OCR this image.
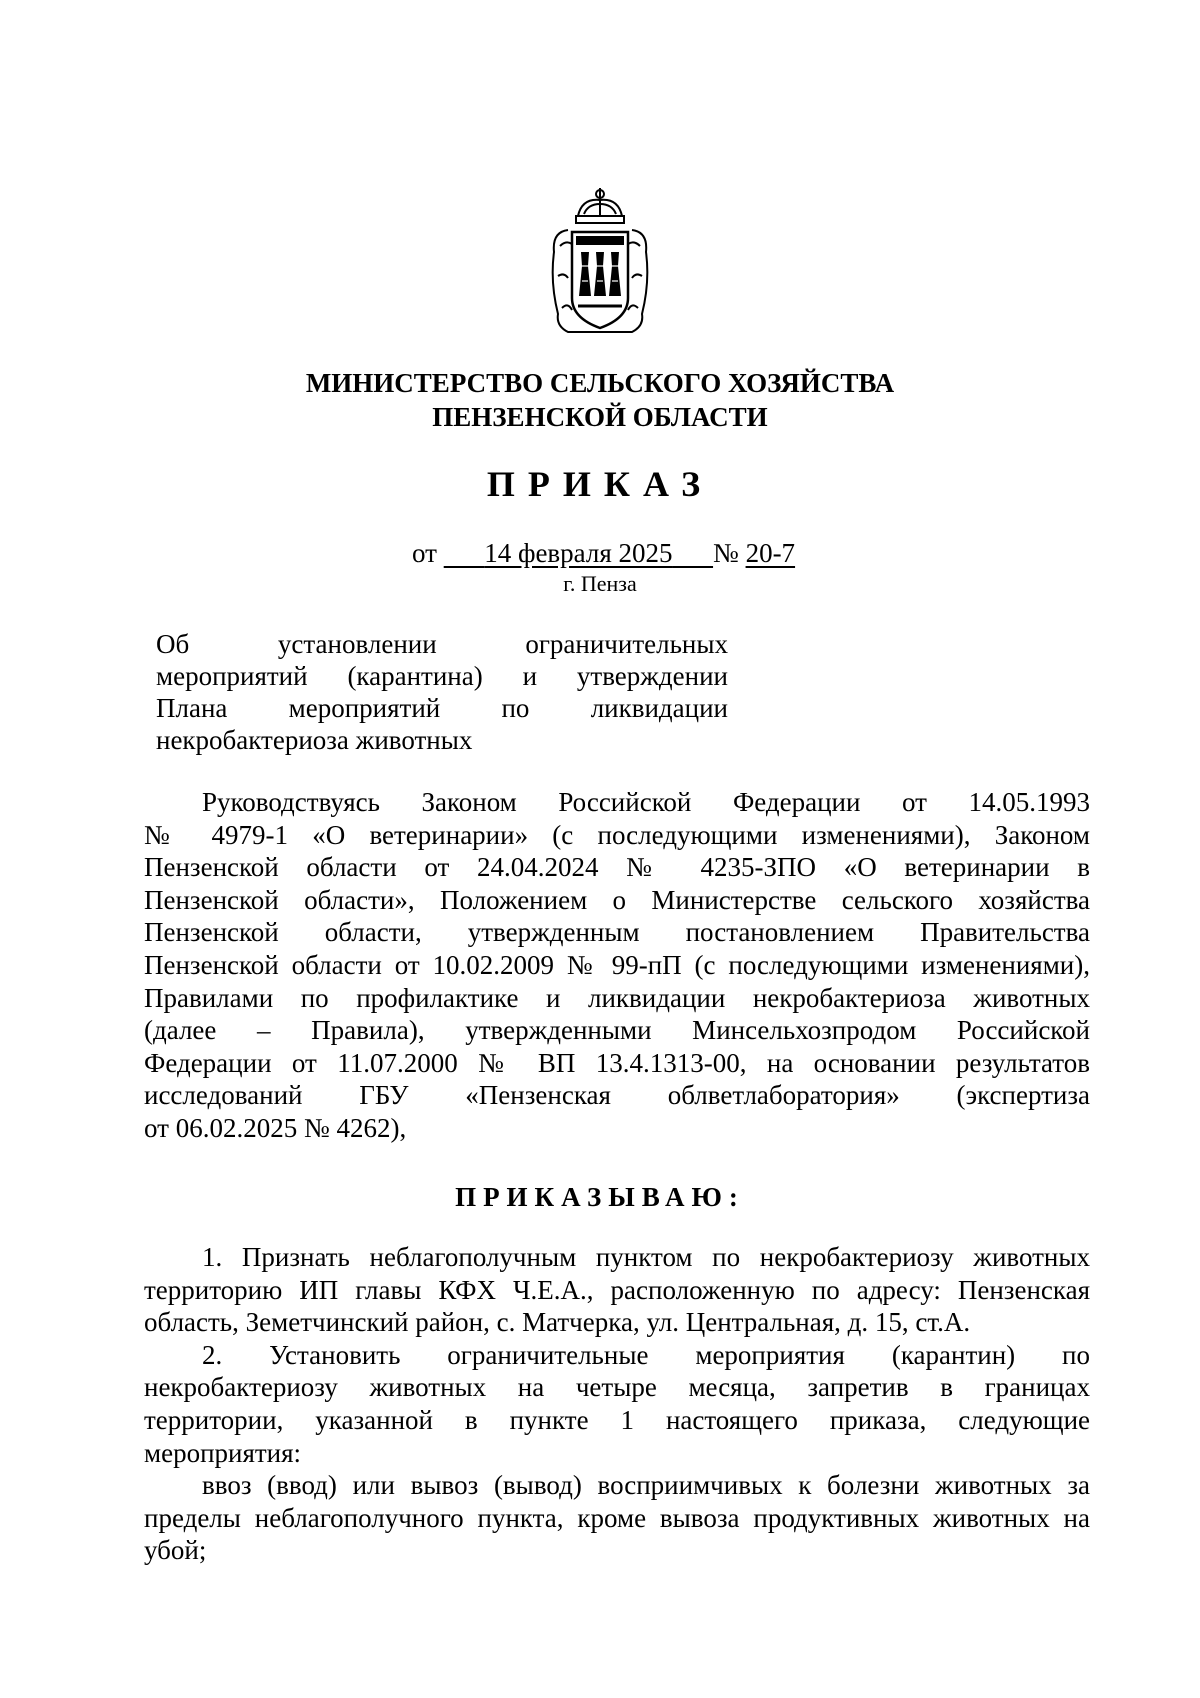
МИНИСТЕРСТВО СЕЛЬСКОГО ХОЗЯЙСТВА
ПЕНЗЕНСКОЙ ОБЛАСТИ
ПРИКАЗ
от 14 февраля 2025 № 20-7
г. Пенза
Об установлении ограничительных
мероприятий (карантина) и утверждении
Плана мероприятий по ликвидации
некробактериоза животных
Руководствуясь Законом Российской Федерации от 14.05.1993
№ 4979-1 «О ветеринарии» (с последующими изменениями), Законом
Пензенской области от 24.04.2024 № 4235-ЗПО «О ветеринарии в
Пензенской области», Положением о Министерстве сельского хозяйства
Пензенской области, утвержденным постановлением Правительства
Пензенской области от 10.02.2009 № 99-пП (с последующими изменениями),
Правилами по профилактике и ликвидации некробактериоза животных
(далее – Правила), утвержденными Минсельхозпродом Российской
Федерации от 11.07.2000 № ВП 13.4.1313-00, на основании результатов
исследований ГБУ «Пензенская облветлаборатория» (экспертиза
от 06.02.2025 № 4262),
ПРИКАЗЫВАЮ:
1. Признать неблагополучным пунктом по некробактериозу животных
территорию ИП главы КФХ Ч.Е.А., расположенную по адресу: Пензенская
область, Земетчинский район, с. Матчерка, ул. Центральная, д. 15, ст.А.
2. Установить ограничительные мероприятия (карантин) по
некробактериозу животных на четыре месяца, запретив в границах
территории, указанной в пункте 1 настоящего приказа, следующие
мероприятия:
ввоз (ввод) или вывоз (вывод) восприимчивых к болезни животных за
пределы неблагополучного пункта, кроме вывоза продуктивных животных на
убой;
